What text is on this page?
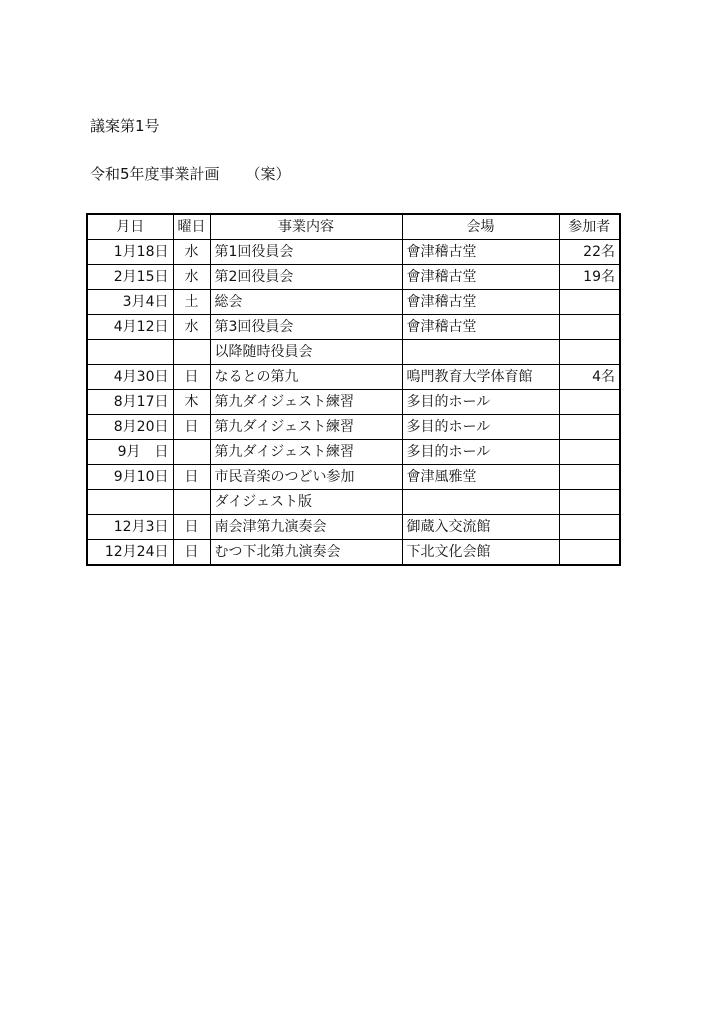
議案第1号
令和5年度事業計画 （案）
月日	曜日	事業内容	会場	参加者
1月18日	水	第1回役員会	會津稽古堂	22名
2月15日	水	第2回役員会	會津稽古堂	19名
3月4日	土	総会	會津稽古堂	
4月12日	水	第3回役員会	會津稽古堂	
		以降随時役員会		
4月30日	日	なるとの第九	鳴門教育大学体育館	4名
8月17日	木	第九ダイジェスト練習	多目的ホール	
8月20日	日	第九ダイジェスト練習	多目的ホール	
9月　日		第九ダイジェスト練習	多目的ホール	
9月10日	日	市民音楽のつどい参加	會津風雅堂	
		ダイジェスト版		
12月3日	日	南会津第九演奏会	御蔵入交流館	
12月24日	日	むつ下北第九演奏会	下北文化会館	
